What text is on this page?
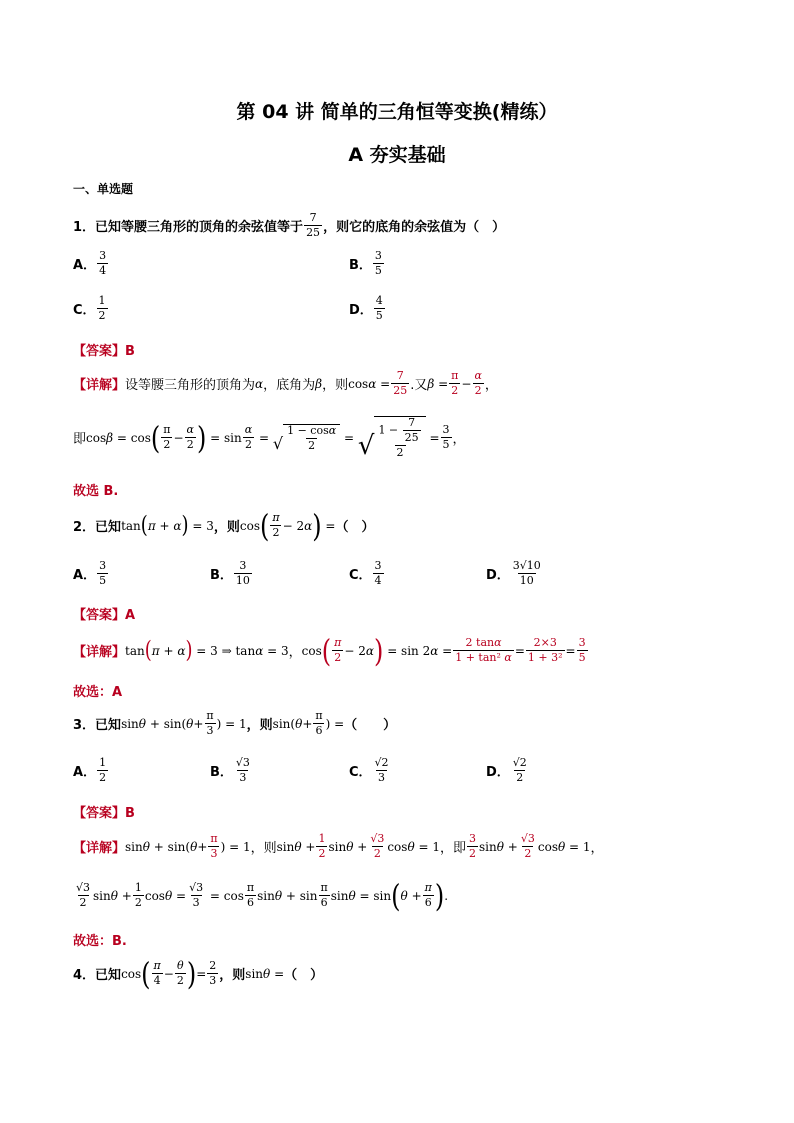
第 04 讲 简单的三角恒等变换(精练）
A 夯实基础
一、单选题
1． 已知等腰三角形的顶角的余弦值等于 $\frac{7}{25}$ ，则它的底角的余弦值为（　）
A． $\frac{3}{4}$	B． $\frac{3}{5}$
C． $\frac{1}{2}$	D． $\frac{4}{5}$
【答案】B
【详解】 设等腰三角形的顶角为 α ，底角为 β ，则 $\cos\alpha = \frac{7}{25}$ .又 $\beta = \frac{\pi}{2} - \frac{\alpha}{2}$ ，
即 cosβ = cos ( $\frac{\pi}{2} - \frac{\alpha}{2}$ ) = $\sin \frac{\alpha}{2}$ = √ $\frac{1 - \cos\alpha}{2}$ = √ $\frac{1 - \frac{7}{25}}{2} = \frac{3}{5}$ ，
故选 B.
2． 已知 tan ( π + α ) = 3 ，则 cos ( $\frac{\pi}{2} - 2\alpha$ ) = （　）
A． $\frac{3}{5}$	B． $\frac{3}{10}$	C． $\frac{3}{4}$	D． $\frac{3√10}{10}$
【答案】A
【详解】 tan ( π + α ) = 3 ⇒ tanα = 3 ， cos ( $\frac{\pi}{2} - 2\alpha$ ) = $\sin 2\alpha = \frac{2 \tan\alpha}{\text{1 + tan² α}} = \frac{2\times 3}{\text{1 + 3²}} = \frac{3}{5}$
故选：A
3． 已知 $\sin\theta + \sin(\theta+ \frac{\pi}{3}$ ) = 1 ，则 $\sin(\theta+ \frac{\pi}{6}$ ) = （　　）
A． $\frac{1}{2}$	B． $\frac{√3}{3}$	C． $\frac{√2}{3}$	D． $\frac{√2}{2}$
【答案】B
【详解】 $\sin\theta + \sin(\theta+ \frac{\pi}{3}$ ) = 1 ，则 $\sin\theta + \frac{1}{2}$ $\sin\theta + \frac{√3}{2}$ cosθ = 1 ，即 $\frac{3}{2}$ $\sin\theta + \frac{√3}{2}$ cosθ = 1 ，
$\frac{√3}{2}$ $\sin\theta + \frac{1}{2}$ $\cos\theta = \frac{√3}{3} = \cos \frac{\pi}{6}$ $\sin\theta + \sin \frac{\pi}{6}$ sinθ = sin ( $\theta + \frac{\pi}{6}$ ) .
故选：B.
4． 已知 cos ( $\frac{\pi}{4} - \frac{\theta}{2}$ ) = $\frac{2}{3}$ ，则 sinθ = （　）
